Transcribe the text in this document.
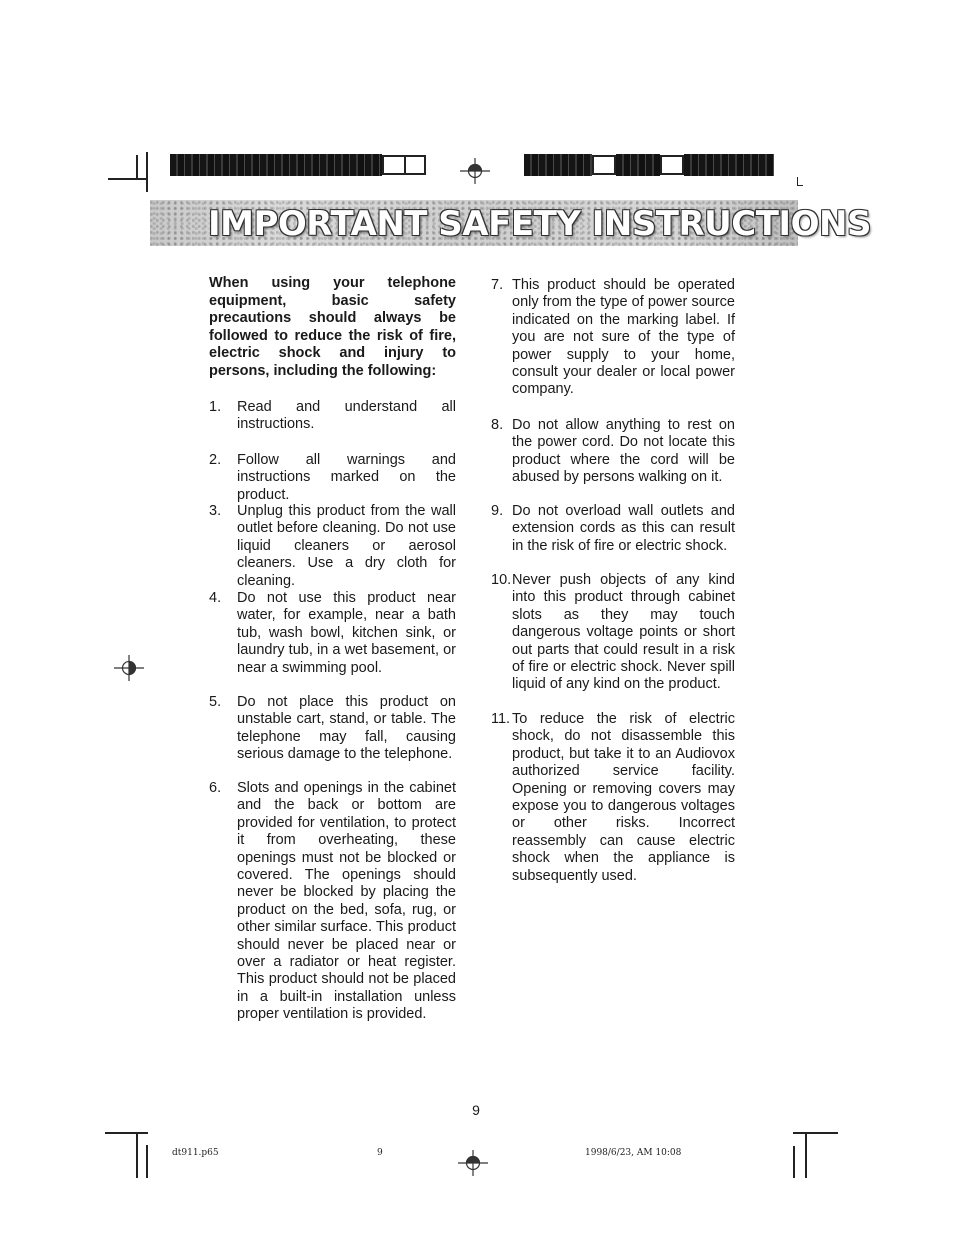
IMPORTANT SAFETY INSTRUCTIONS
When using your telephone equipment, basic safety precautions should always be followed to reduce the risk of fire, electric shock and injury to persons, including the following:
1.	Read and understand all instructions.
2.	Follow all warnings and instructions marked on the product.
3.	Unplug this product from the wall outlet before cleaning. Do not use liquid cleaners or aerosol cleaners. Use a dry cloth for cleaning.
4.	Do not use this product near water, for example, near a bath tub, wash bowl, kitchen sink, or laundry tub, in a wet basement, or near a swimming pool.
5.	Do not place this product on unstable cart, stand, or table. The telephone may fall, causing serious damage to the telephone.
6.	Slots and openings in the cabinet and the back or bottom are provided for ventilation, to protect it from overheating, these openings must not be blocked or covered. The openings should never be blocked by placing the product on the bed, sofa, rug, or other similar surface. This product should never be placed near or over a radiator or heat register. This product should not be placed in a built-in installation unless proper ventilation is provided.
7. This product should be operated only from the type of power source indicated on the marking label. If you are not sure of the type of power supply to your home, consult your dealer or local power company.
8. Do not allow anything to rest on the power cord. Do not locate this product where the cord will be abused by persons walking on it.
9. Do not overload wall outlets and extension cords as this can result in the risk of fire or electric shock.
10. Never push objects of any kind into this product through cabinet slots as they may touch dangerous voltage points or short out parts that could result in a risk of fire or electric shock. Never spill liquid of any kind on the product.
11. To reduce the risk of electric shock, do not disassemble this product, but take it to an Audiovox authorized service facility. Opening or removing covers may expose you to dangerous voltages or other risks. Incorrect reassembly can cause electric shock when the appliance is subsequently used.
9
dt911.p65	9	1998/6/23, AM 10:08
